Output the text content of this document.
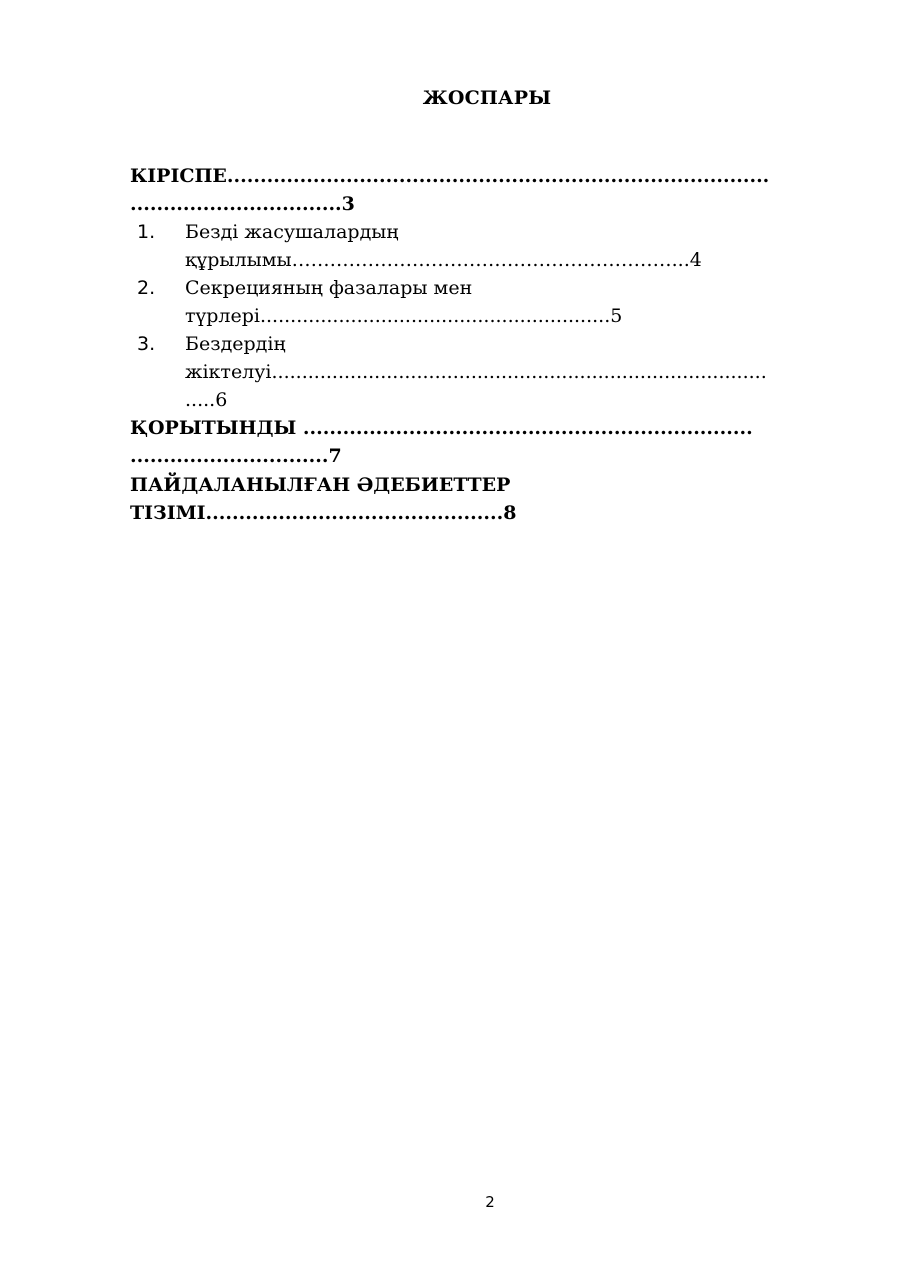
ЖОСПАРЫ
КІРІСПЕ..................................................................................
................................3
1. Безді жасушалардың
құрылымы……………………………………………………...4
2. Секрецияның фазалары мен
түрлері..........................................................5
3. Бездердің
жіктелуі..................................................................................
.....6
ҚОРЫТЫНДЫ ....................................................................
..............................7
ПАЙДАЛАНЫЛҒАН ӘДЕБИЕТТЕР
ТІЗІМІ.............................................8
2
